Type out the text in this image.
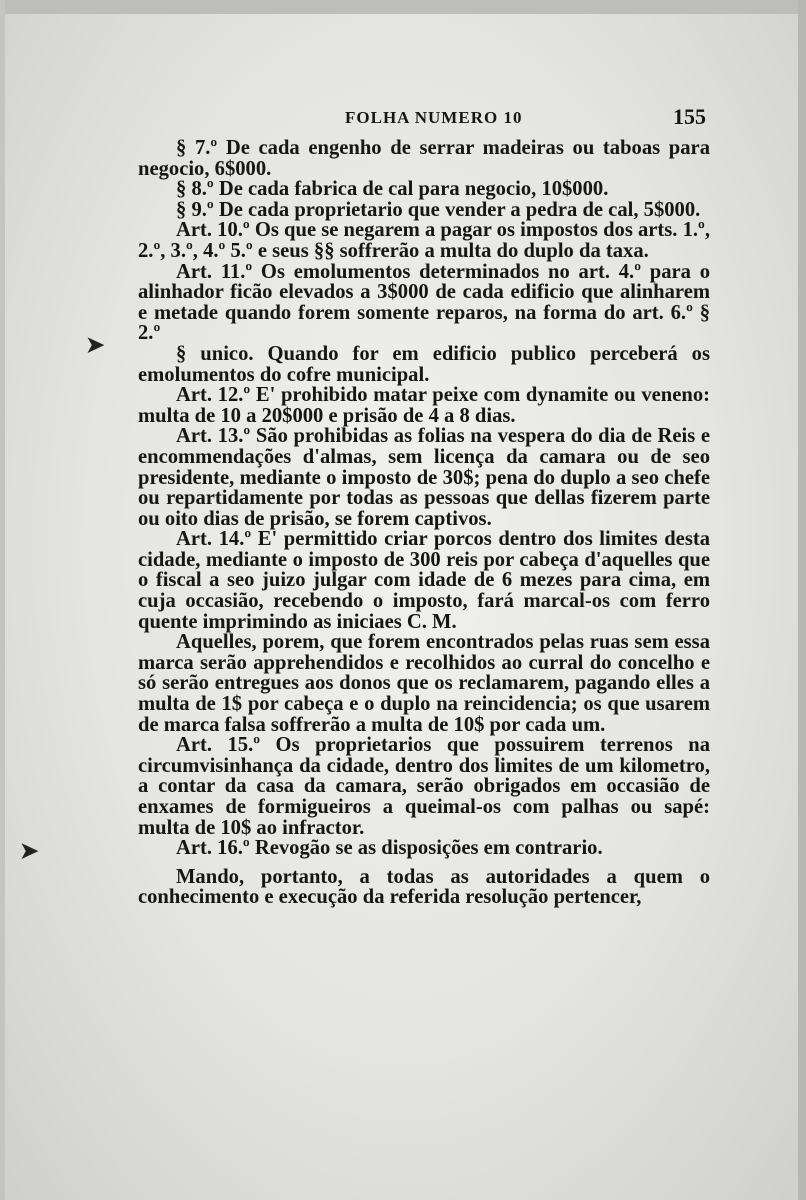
FOLHA NUMERO 10	155

§ 7.º De cada engenho de serrar madeiras ou taboas para negocio, 6$000.

§ 8.º De cada fabrica de cal para negocio, 10$000.

§ 9.º De cada proprietario que vender a pedra de cal, 5$000.

Art. 10.º Os que se negarem a pagar os impostos dos arts. 1.º, 2.º, 3.º, 4.º 5.º e seus §§ soffrerão a multa do duplo da taxa.

Art. 11.º Os emolumentos determinados no art. 4.º para o alinhador ficão elevados a 3$000 de cada edificio que alinharem e metade quando forem somente reparos, na forma do art. 6.º § 2.º

§ unico. Quando for em edificio publico perceberá os emolumentos do cofre municipal.

Art. 12.º E' prohibido matar peixe com dynamite ou veneno: multa de 10 a 20$000 e prisão de 4 a 8 dias.

Art. 13.º São prohibidas as folias na vespera do dia de Reis e encommendações d'almas, sem licença da camara ou de seo presidente, mediante o imposto de 30$; pena do duplo a seo chefe ou repartidamente por todas as pessoas que dellas fizerem parte ou oito dias de prisão, se forem captivos.

Art. 14.º E' permittido criar porcos dentro dos limites desta cidade, mediante o imposto de 300 reis por cabeça d'aquelles que o fiscal a seo juizo julgar com idade de 6 mezes para cima, em cuja occasião, recebendo o imposto, fará marcal-os com ferro quente imprimindo as iniciaes C. M.

Aquelles, porem, que forem encontrados pelas ruas sem essa marca serão apprehendidos e recolhidos ao curral do concelho e só serão entregues aos donos que os reclamarem, pagando elles a multa de 1$ por cabeça e o duplo na reincidencia; os que usarem de marca falsa soffrerão a multa de 10$ por cada um.

Art. 15.º Os proprietarios que possuirem terrenos na circumvisinhança da cidade, dentro dos limites de um kilometro, a contar da casa da camara, serão obrigados em occasião de enxames de formigueiros a queimal-os com palhas ou sapé: multa de 10$ ao infractor.

Art. 16.º Revogão se as disposições em contrario.

Mando, portanto, a todas as autoridades a quem o conhecimento e execução da referida resolução pertencer,

➤
➤
